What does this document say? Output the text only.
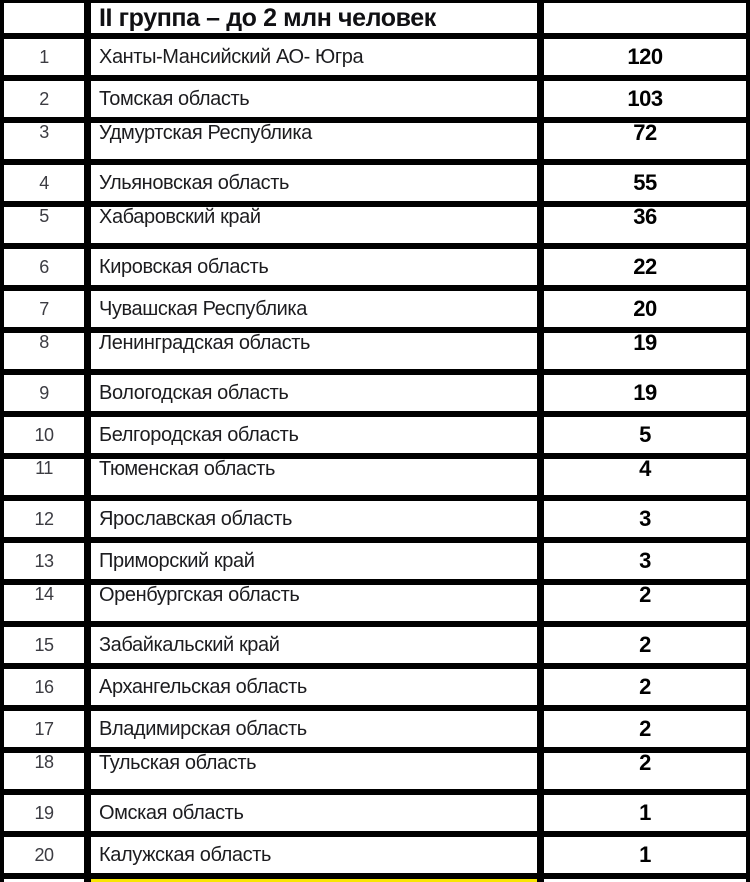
II группа – до 2 млн человек
1	Ханты-Мансийский АО- Югра	120
2	Томская область	103
3	Удмуртская Республика	72
4	Ульяновская область	55
5	Хабаровский край	36
6	Кировская область	22
7	Чувашская Республика	20
8	Ленинградская область	19
9	Вологодская область	19
10	Белгородская область	5
11	Тюменская область	4
12	Ярославская область	3
13	Приморский край	3
14	Оренбургская область	2
15	Забайкальский край	2
16	Архангельская область	2
17	Владимирская область	2
18	Тульская область	2
19	Омская область	1
20	Калужская область	1
